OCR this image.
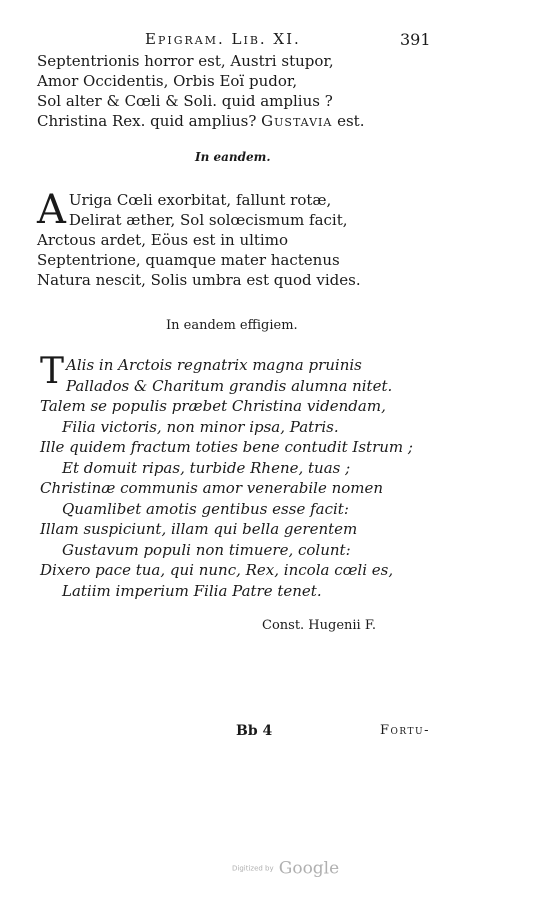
Epigram. Lib. XI.	391
Septentrionis horror est, Austri stupor,
Amor Occidentis, Orbis Eoï pudor,
Sol alter & Cœli & Soli. quid amplius ?
Christina Rex. quid amplius? Gustavia est.
In eandem.
A Uriga Cœli exorbitat, fallunt rotæ,
Delirat æther, Sol solœcismum facit,
Arctous ardet, Eöus est in ultimo
Septentrione, quamque mater hactenus
Natura nescit, Solis umbra est quod vides.
In eandem effigiem.
T Alis in Arctois regnatrix magna pruinis
Pallados & Charitum grandis alumna nitet.
Talem se populis præbet Christina videndam,
Filia victoris, non minor ipsa, Patris.
Ille quidem fractum toties bene contudit Istrum ;
Et domuit ripas, turbide Rhene, tuas ;
Christinæ communis amor venerabile nomen
Quamlibet amotis gentibus esse facit:
Illam suspiciunt, illam qui bella gerentem
Gustavum populi non timuere, colunt:
Dixero pace tua, qui nunc, Rex, incola cœli es,
Latiim imperium Filia Patre tenet.
Const. Hugenii F.
Bb 4	Fortu-
Digitized by Google
